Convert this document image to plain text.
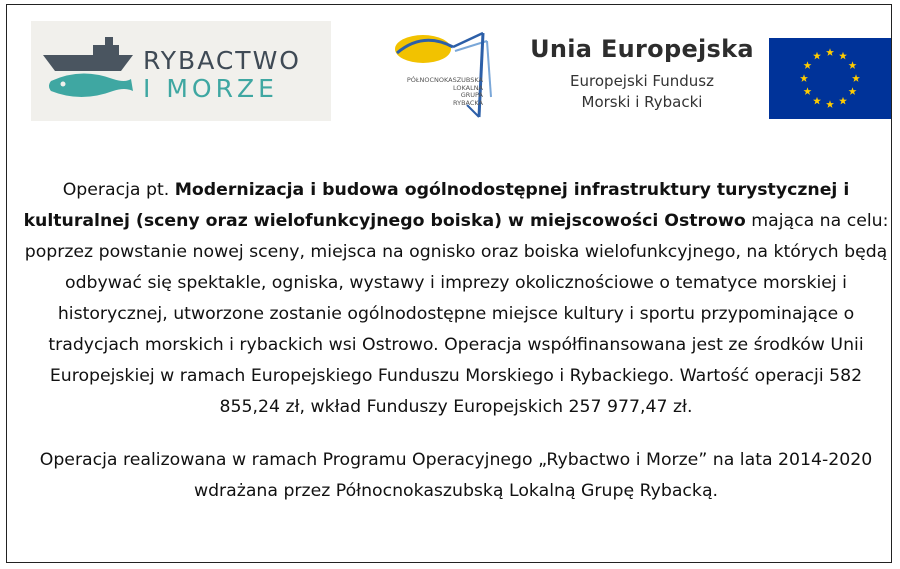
RYBACTWO
I MORZE	PÓŁNOCNOKASZUBSKA
LOKALNA
GRUPA
RYBACKA
Unia Europejska
Europejski Fundusz
Morski i Rybacki

Operacja pt. Modernizacja i budowa ogólnodostępnej infrastruktury turystycznej i kulturalnej (sceny oraz wielofunkcyjnego boiska) w miejscowości Ostrowo mająca na celu: poprzez powstanie nowej sceny, miejsca na ognisko oraz boiska wielofunkcyjnego, na których będą odbywać się spektakle, ogniska, wystawy i imprezy okolicznościowe o tematyce morskiej i historycznej, utworzone zostanie ogólnodostępne miejsce kultury i sportu przypominające o tradycjach morskich i rybackich wsi Ostrowo. Operacja współfinansowana jest ze środków Unii Europejskiej w ramach Europejskiego Funduszu Morskiego i Rybackiego. Wartość operacji 582 855,24 zł, wkład Funduszy Europejskich 257 977,47 zł.

Operacja realizowana w ramach Programu Operacyjnego „Rybactwo i Morze” na lata 2014-2020 wdrażana przez Północnokaszubską Lokalną Grupę Rybacką.
